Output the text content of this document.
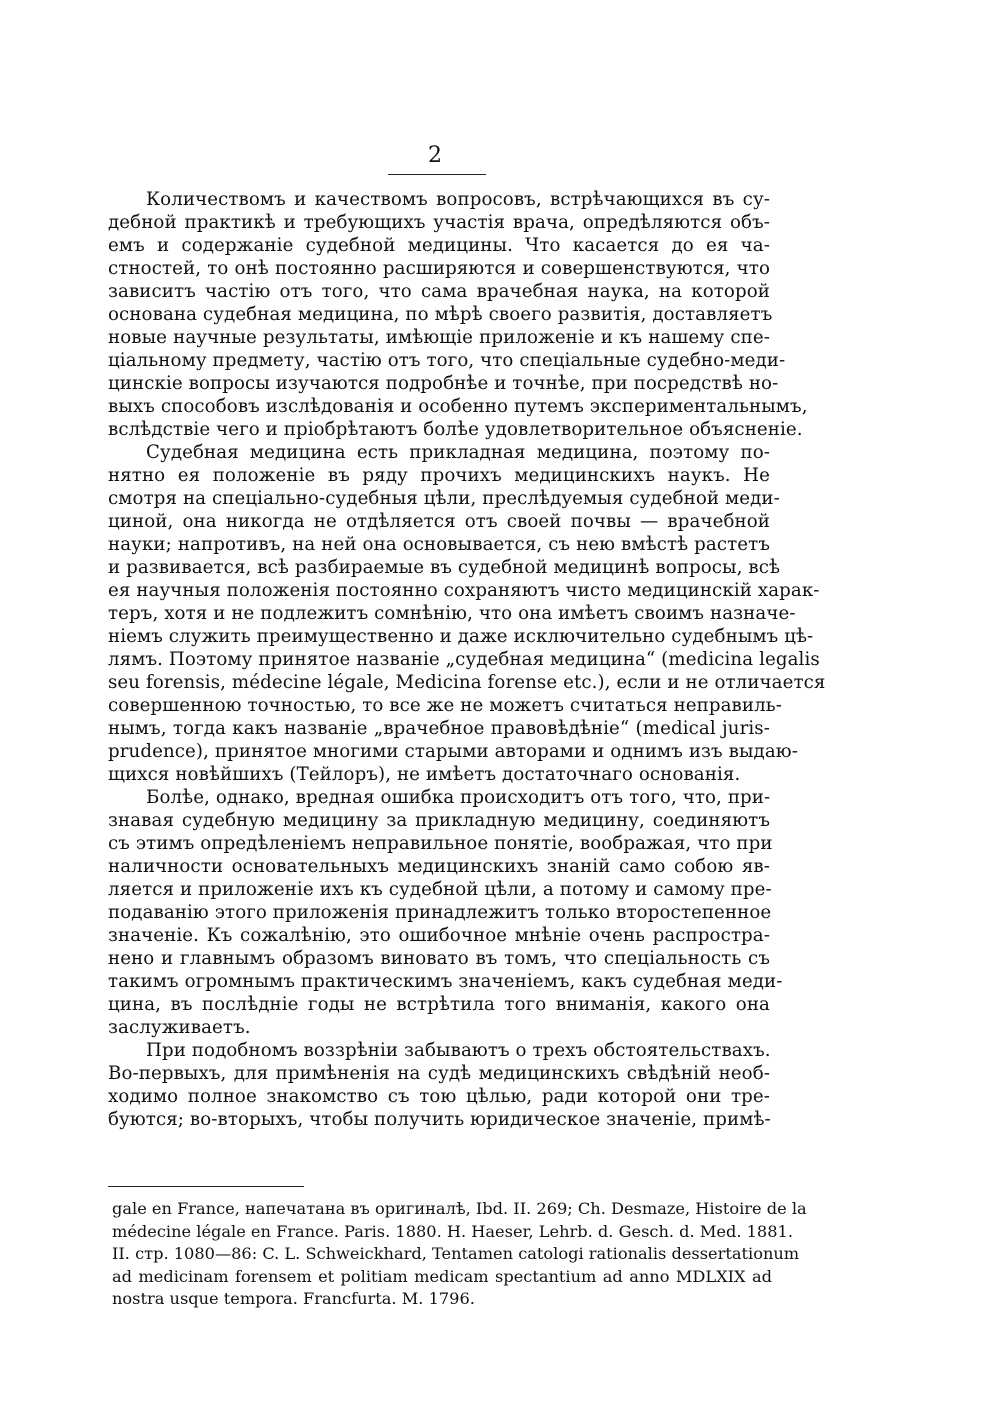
2
Количествомъ и качествомъ вопросовъ, встрѣчающихся въ су-
дебной практикѣ и требующихъ участія врача, опредѣляются объ-
емъ и содержаніе судебной медицины. Что касается до ея ча-
стностей, то онѣ постоянно расширяются и совершенствуются, что
зависитъ частію отъ того, что сама врачебная наука, на которой
основана судебная медицина, по мѣрѣ своего развитія, доставляетъ
новые научные результаты, имѣющіе приложеніе и къ нашему спе-
ціальному предмету, частію отъ того, что спеціальные судебно-меди-
цинскіе вопросы изучаются подробнѣе и точнѣе, при посредствѣ но-
выхъ способовъ изслѣдованія и особенно путемъ экспериментальнымъ,
вслѣдствіе чего и пріобрѣтаютъ болѣе удовлетворительное объясненіе.
Судебная медицина есть прикладная медицина, поэтому по-
нятно ея положеніе въ ряду прочихъ медицинскихъ наукъ. Не
смотря на спеціально-судебныя цѣли, преслѣдуемыя судебной меди-
циной, она никогда не отдѣляется отъ своей почвы — врачебной
науки; напротивъ, на ней она основывается, съ нею вмѣстѣ растетъ
и развивается, всѣ разбираемые въ судебной медицинѣ вопросы, всѣ
ея научныя положенія постоянно сохраняютъ чисто медицинскій харак-
теръ, хотя и не подлежитъ сомнѣнію, что она имѣетъ своимъ назначе-
ніемъ служить преимущественно и даже исключительно судебнымъ цѣ-
лямъ. Поэтому принятое названіе „судебная медицина“ (medicina legalis
seu forensis, médecine légale, Medicina forense etc.), если и не отличается
совершенною точностью, то все же не можетъ считаться неправиль-
нымъ, тогда какъ названіе „врачебное правовѣдѣніе“ (medical juris-
prudence), принятое многими старыми авторами и однимъ изъ выдаю-
щихся новѣйшихъ (Тейлоръ), не имѣетъ достаточнаго основанія.
Болѣе, однако, вредная ошибка происходитъ отъ того, что, при-
знавая судебную медицину за прикладную медицину, соединяютъ
съ этимъ опредѣленіемъ неправильное понятіе, воображая, что при
наличности основательныхъ медицинскихъ знаній само собою яв-
ляется и приложеніе ихъ къ судебной цѣли, а потому и самому пре-
подаванію этого приложенія принадлежитъ только второстепенное
значеніе. Къ сожалѣнію, это ошибочное мнѣніе очень распростра-
нено и главнымъ образомъ виновато въ томъ, что спеціальность съ
такимъ огромнымъ практическимъ значеніемъ, какъ судебная меди-
цина, въ послѣдніе годы не встрѣтила того вниманія, какого она
заслуживаетъ.
При подобномъ воззрѣніи забываютъ о трехъ обстоятельствахъ.
Во-первыхъ, для примѣненія на судѣ медицинскихъ свѣдѣній необ-
ходимо полное знакомство съ тою цѣлью, ради которой они тре-
буются; во-вторыхъ, чтобы получить юридическое значеніе, примѣ-
gale en France, напечатана въ оригиналѣ, Ibd. II. 269; Ch. Desmaze, Histoire de la
médecine légale en France. Paris. 1880. H. Haeser, Lehrb. d. Gesch. d. Med. 1881.
II. стр. 1080—86: C. L. Schweickhard, Tentamen catologi rationalis dessertationum
ad medicinam forensem et politiam medicam spectantium ad anno MDLXIX ad
nostra usque tempora. Francfurta. M. 1796.
